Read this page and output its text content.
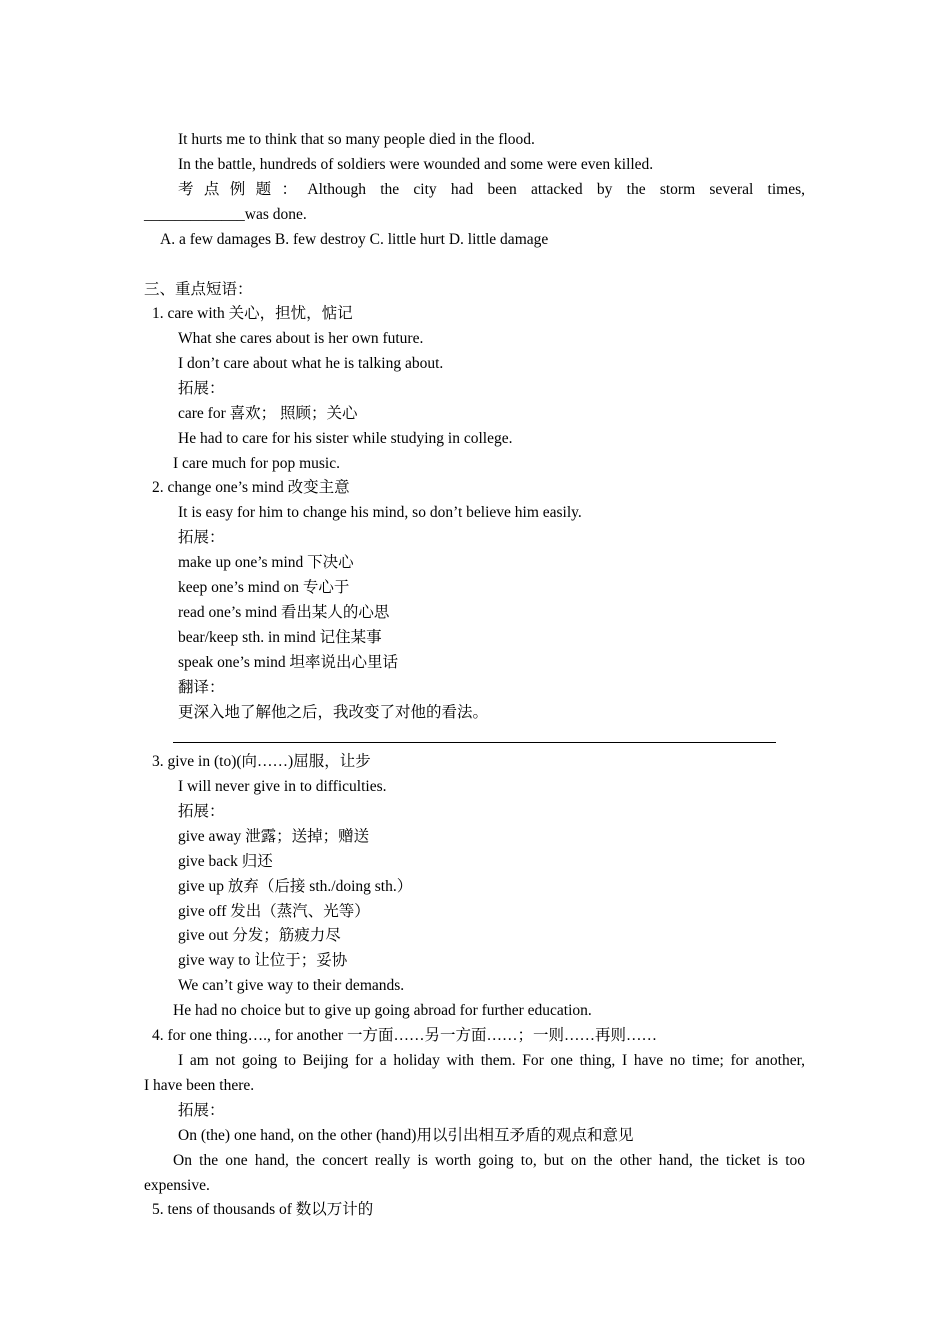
It hurts me to think that so many people died in the flood.
In the battle, hundreds of soldiers were wounded and some were even killed.
考点例题：Although the city had been attacked by the storm several times,
_____________was done.
A. a few damages B. few destroy C. little hurt D. little damage
三、重点短语：
1. care with 关心，担忧，惦记
What she cares about is her own future.
I don’t care about what he is talking about.
拓展：
care for 喜欢； 照顾；关心
He had to care for his sister while studying in college.
I care much for pop music.
2. change one’s mind 改变主意
It is easy for him to change his mind, so don’t believe him easily.
拓展：
make up one’s mind 下决心
keep one’s mind on 专心于
read one’s mind 看出某人的心思
bear/keep sth. in mind 记住某事
speak one’s mind 坦率说出心里话
翻译：
更深入地了解他之后，我改变了对他的看法。
3. give in (to)(向……)屈服，让步
I will never give in to difficulties.
拓展：
give away 泄露；送掉；赠送
give back 归还
give up 放弃（后接 sth./doing sth.）
give off 发出（蒸汽、光等）
give out 分发；筋疲力尽
give way to 让位于；妥协
We can’t give way to their demands.
He had no choice but to give up going abroad for further education.
4. for one thing…., for another 一方面……另一方面……；一则……再则……
I am not going to Beijing for a holiday with them. For one thing, I have no time; for another,
I have been there.
拓展：
On (the) one hand, on the other (hand)用以引出相互矛盾的观点和意见
On the one hand, the concert really is worth going to, but on the other hand, the ticket is too
expensive.
5. tens of thousands of 数以万计的
